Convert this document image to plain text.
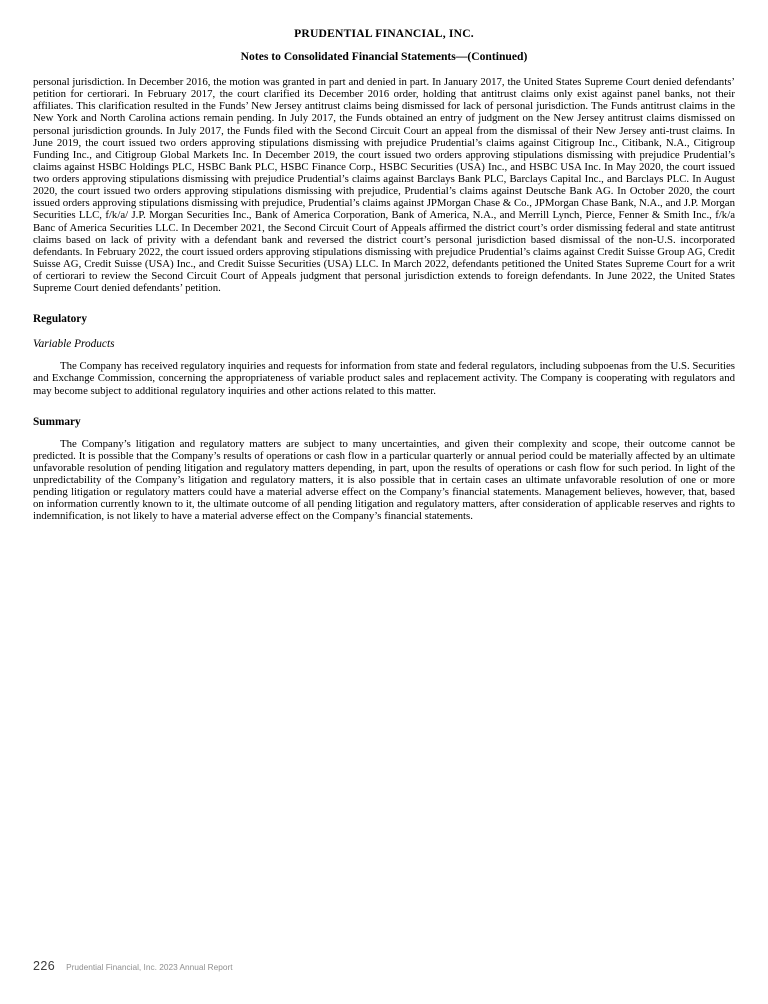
PRUDENTIAL FINANCIAL, INC.
Notes to Consolidated Financial Statements—(Continued)

personal jurisdiction. In December 2016, the motion was granted in part and denied in part. In January 2017, the United States Supreme Court denied defendants’ petition for certiorari. In February 2017, the court clarified its December 2016 order, holding that antitrust claims only exist against panel banks, not their affiliates. This clarification resulted in the Funds’ New Jersey antitrust claims being dismissed for lack of personal jurisdiction. The Funds antitrust claims in the New York and North Carolina actions remain pending. In July 2017, the Funds obtained an entry of judgment on the New Jersey antitrust claims dismissed on personal jurisdiction grounds. In July 2017, the Funds filed with the Second Circuit Court an appeal from the dismissal of their New Jersey anti-trust claims. In June 2019, the court issued two orders approving stipulations dismissing with prejudice Prudential’s claims against Citigroup Inc., Citibank, N.A., Citigroup Funding Inc., and Citigroup Global Markets Inc. In December 2019, the court issued two orders approving stipulations dismissing with prejudice Prudential’s claims against HSBC Holdings PLC, HSBC Bank PLC, HSBC Finance Corp., HSBC Securities (USA) Inc., and HSBC USA Inc. In May 2020, the court issued two orders approving stipulations dismissing with prejudice Prudential’s claims against Barclays Bank PLC, Barclays Capital Inc., and Barclays PLC. In August 2020, the court issued two orders approving stipulations dismissing with prejudice, Prudential’s claims against Deutsche Bank AG. In October 2020, the court issued orders approving stipulations dismissing with prejudice, Prudential’s claims against JPMorgan Chase & Co., JPMorgan Chase Bank, N.A., and J.P. Morgan Securities LLC, f/k/a/ J.P. Morgan Securities Inc., Bank of America Corporation, Bank of America, N.A., and Merrill Lynch, Pierce, Fenner & Smith Inc., f/k/a Banc of America Securities LLC. In December 2021, the Second Circuit Court of Appeals affirmed the district court’s order dismissing federal and state antitrust claims based on lack of privity with a defendant bank and reversed the district court’s personal jurisdiction based dismissal of the non-U.S. incorporated defendants. In February 2022, the court issued orders approving stipulations dismissing with prejudice Prudential’s claims against Credit Suisse Group AG, Credit Suisse AG, Credit Suisse (USA) Inc., and Credit Suisse Securities (USA) LLC. In March 2022, defendants petitioned the United States Supreme Court for a writ of certiorari to review the Second Circuit Court of Appeals judgment that personal jurisdiction extends to foreign defendants. In June 2022, the United States Supreme Court denied defendants’ petition.

Regulatory
Variable Products

The Company has received regulatory inquiries and requests for information from state and federal regulators, including subpoenas from the U.S. Securities and Exchange Commission, concerning the appropriateness of variable product sales and replacement activity. The Company is cooperating with regulators and may become subject to additional regulatory inquiries and other actions related to this matter.

Summary

The Company’s litigation and regulatory matters are subject to many uncertainties, and given their complexity and scope, their outcome cannot be predicted. It is possible that the Company’s results of operations or cash flow in a particular quarterly or annual period could be materially affected by an ultimate unfavorable resolution of pending litigation and regulatory matters depending, in part, upon the results of operations or cash flow for such period. In light of the unpredictability of the Company’s litigation and regulatory matters, it is also possible that in certain cases an ultimate unfavorable resolution of one or more pending litigation or regulatory matters could have a material adverse effect on the Company’s financial statements. Management believes, however, that, based on information currently known to it, the ultimate outcome of all pending litigation and regulatory matters, after consideration of applicable reserves and rights to indemnification, is not likely to have a material adverse effect on the Company’s financial statements.

226 Prudential Financial, Inc. 2023 Annual Report
